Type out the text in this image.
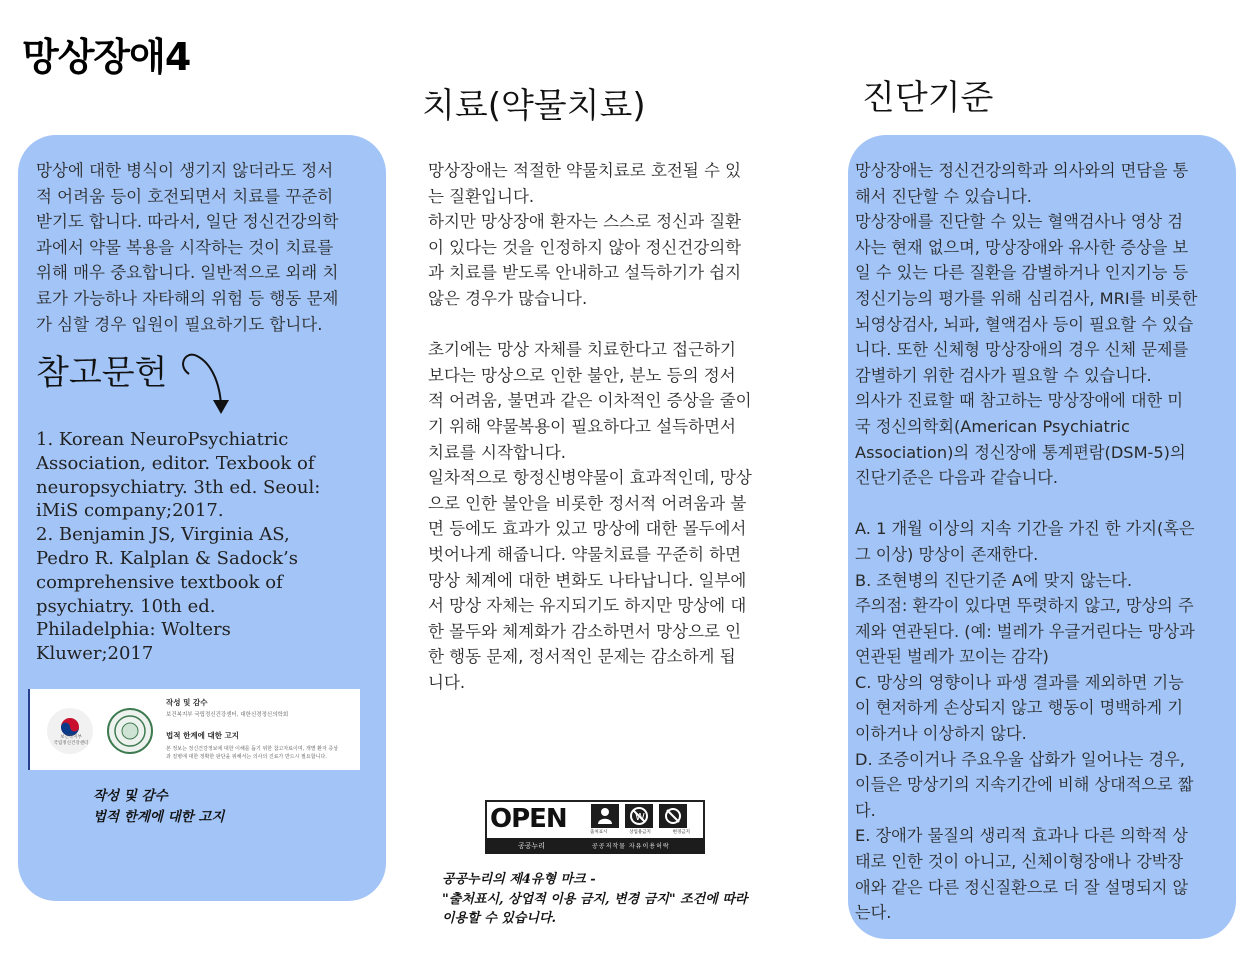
망상장애4
치료(약물치료)	진단기준
망상에 대한 병식이 생기지 않더라도 정서
적 어려움 등이 호전되면서 치료를 꾸준히
받기도 합니다. 따라서, 일단 정신건강의학
과에서 약물 복용을 시작하는 것이 치료를
위해 매우 중요합니다. 일반적으로 외래 치
료가 가능하나 자타해의 위험 등 행동 문제
가 심할 경우 입원이 필요하기도 합니다.
참고문헌
1. Korean NeuroPsychiatric
Association, editor. Texbook of
neuropsychiatry. 3th ed. Seoul:
iMiS company;2017.
2. Benjamin JS, Virginia AS,
Pedro R. Kalplan & Sadock’s
comprehensive textbook of
psychiatry. 10th ed.
Philadelphia: Wolters
Kluwer;2017
보건복지부
국립정신건강센터
작성 및 감수
보건복지부 국립정신건강센터, 대한신경정신의학회
법적 한계에 대한 고지
본 정보는 정신건강정보에 대한 이해를 돕기 위한 참고자료이며, 개별 환자 증상
과 질병에 대한 정확한 판단을 위해서는 의사의 진료가 반드시 필요합니다.
작성 및 감수
법적 한계에 대한 고지
망상장애는 적절한 약물치료로 호전될 수 있
는 질환입니다.
하지만 망상장애 환자는 스스로 정신과 질환
이 있다는 것을 인정하지 않아 정신건강의학
과 치료를 받도록 안내하고 설득하기가 쉽지
않은 경우가 많습니다.

초기에는 망상 자체를 치료한다고 접근하기
보다는 망상으로 인한 불안, 분노 등의 정서
적 어려움, 불면과 같은 이차적인 증상을 줄이
기 위해 약물복용이 필요하다고 설득하면서
치료를 시작합니다.
일차적으로 항정신병약물이 효과적인데, 망상
으로 인한 불안을 비롯한 정서적 어려움과 불
면 등에도 효과가 있고 망상에 대한 몰두에서
벗어나게 해줍니다. 약물치료를 꾸준히 하면
망상 체계에 대한 변화도 나타납니다. 일부에
서 망상 자체는 유지되기도 하지만 망상에 대
한 몰두와 체계화가 감소하면서 망상으로 인
한 행동 문제, 정서적인 문제는 감소하게 됩
니다.
OPEN	W
출처표시	상업용금지	변경금지
공공누리	공공저작물 자유이용허락
공공누리의 제4유형 마크 -
"출처표시, 상업적 이용 금지, 변경 금지" 조건에 따라
이용할 수 있습니다.
망상장애는 정신건강의학과 의사와의 면담을 통
해서 진단할 수 있습니다.
망상장애를 진단할 수 있는 혈액검사나 영상 검
사는 현재 없으며, 망상장애와 유사한 증상을 보
일 수 있는 다른 질환을 감별하거나 인지기능 등
정신기능의 평가를 위해 심리검사, MRI를 비롯한
뇌영상검사, 뇌파, 혈액검사 등이 필요할 수 있습
니다. 또한 신체형 망상장애의 경우 신체 문제를
감별하기 위한 검사가 필요할 수 있습니다.
의사가 진료할 때 참고하는 망상장애에 대한 미
국 정신의학회(American Psychiatric
Association)의 정신장애 통계편람(DSM-5)의
진단기준은 다음과 같습니다.

A. 1 개월 이상의 지속 기간을 가진 한 가지(혹은
그 이상) 망상이 존재한다.
B. 조현병의 진단기준 A에 맞지 않는다.
주의점: 환각이 있다면 뚜렷하지 않고, 망상의 주
제와 연관된다. (예: 벌레가 우글거린다는 망상과
연관된 벌레가 꼬이는 감각)
C. 망상의 영향이나 파생 결과를 제외하면 기능
이 현저하게 손상되지 않고 행동이 명백하게 기
이하거나 이상하지 않다.
D. 조증이거나 주요우울 삽화가 일어나는 경우,
이들은 망상기의 지속기간에 비해 상대적으로 짧
다.
E. 장애가 물질의 생리적 효과나 다른 의학적 상
태로 인한 것이 아니고, 신체이형장애나 강박장
애와 같은 다른 정신질환으로 더 잘 설명되지 않
는다.
